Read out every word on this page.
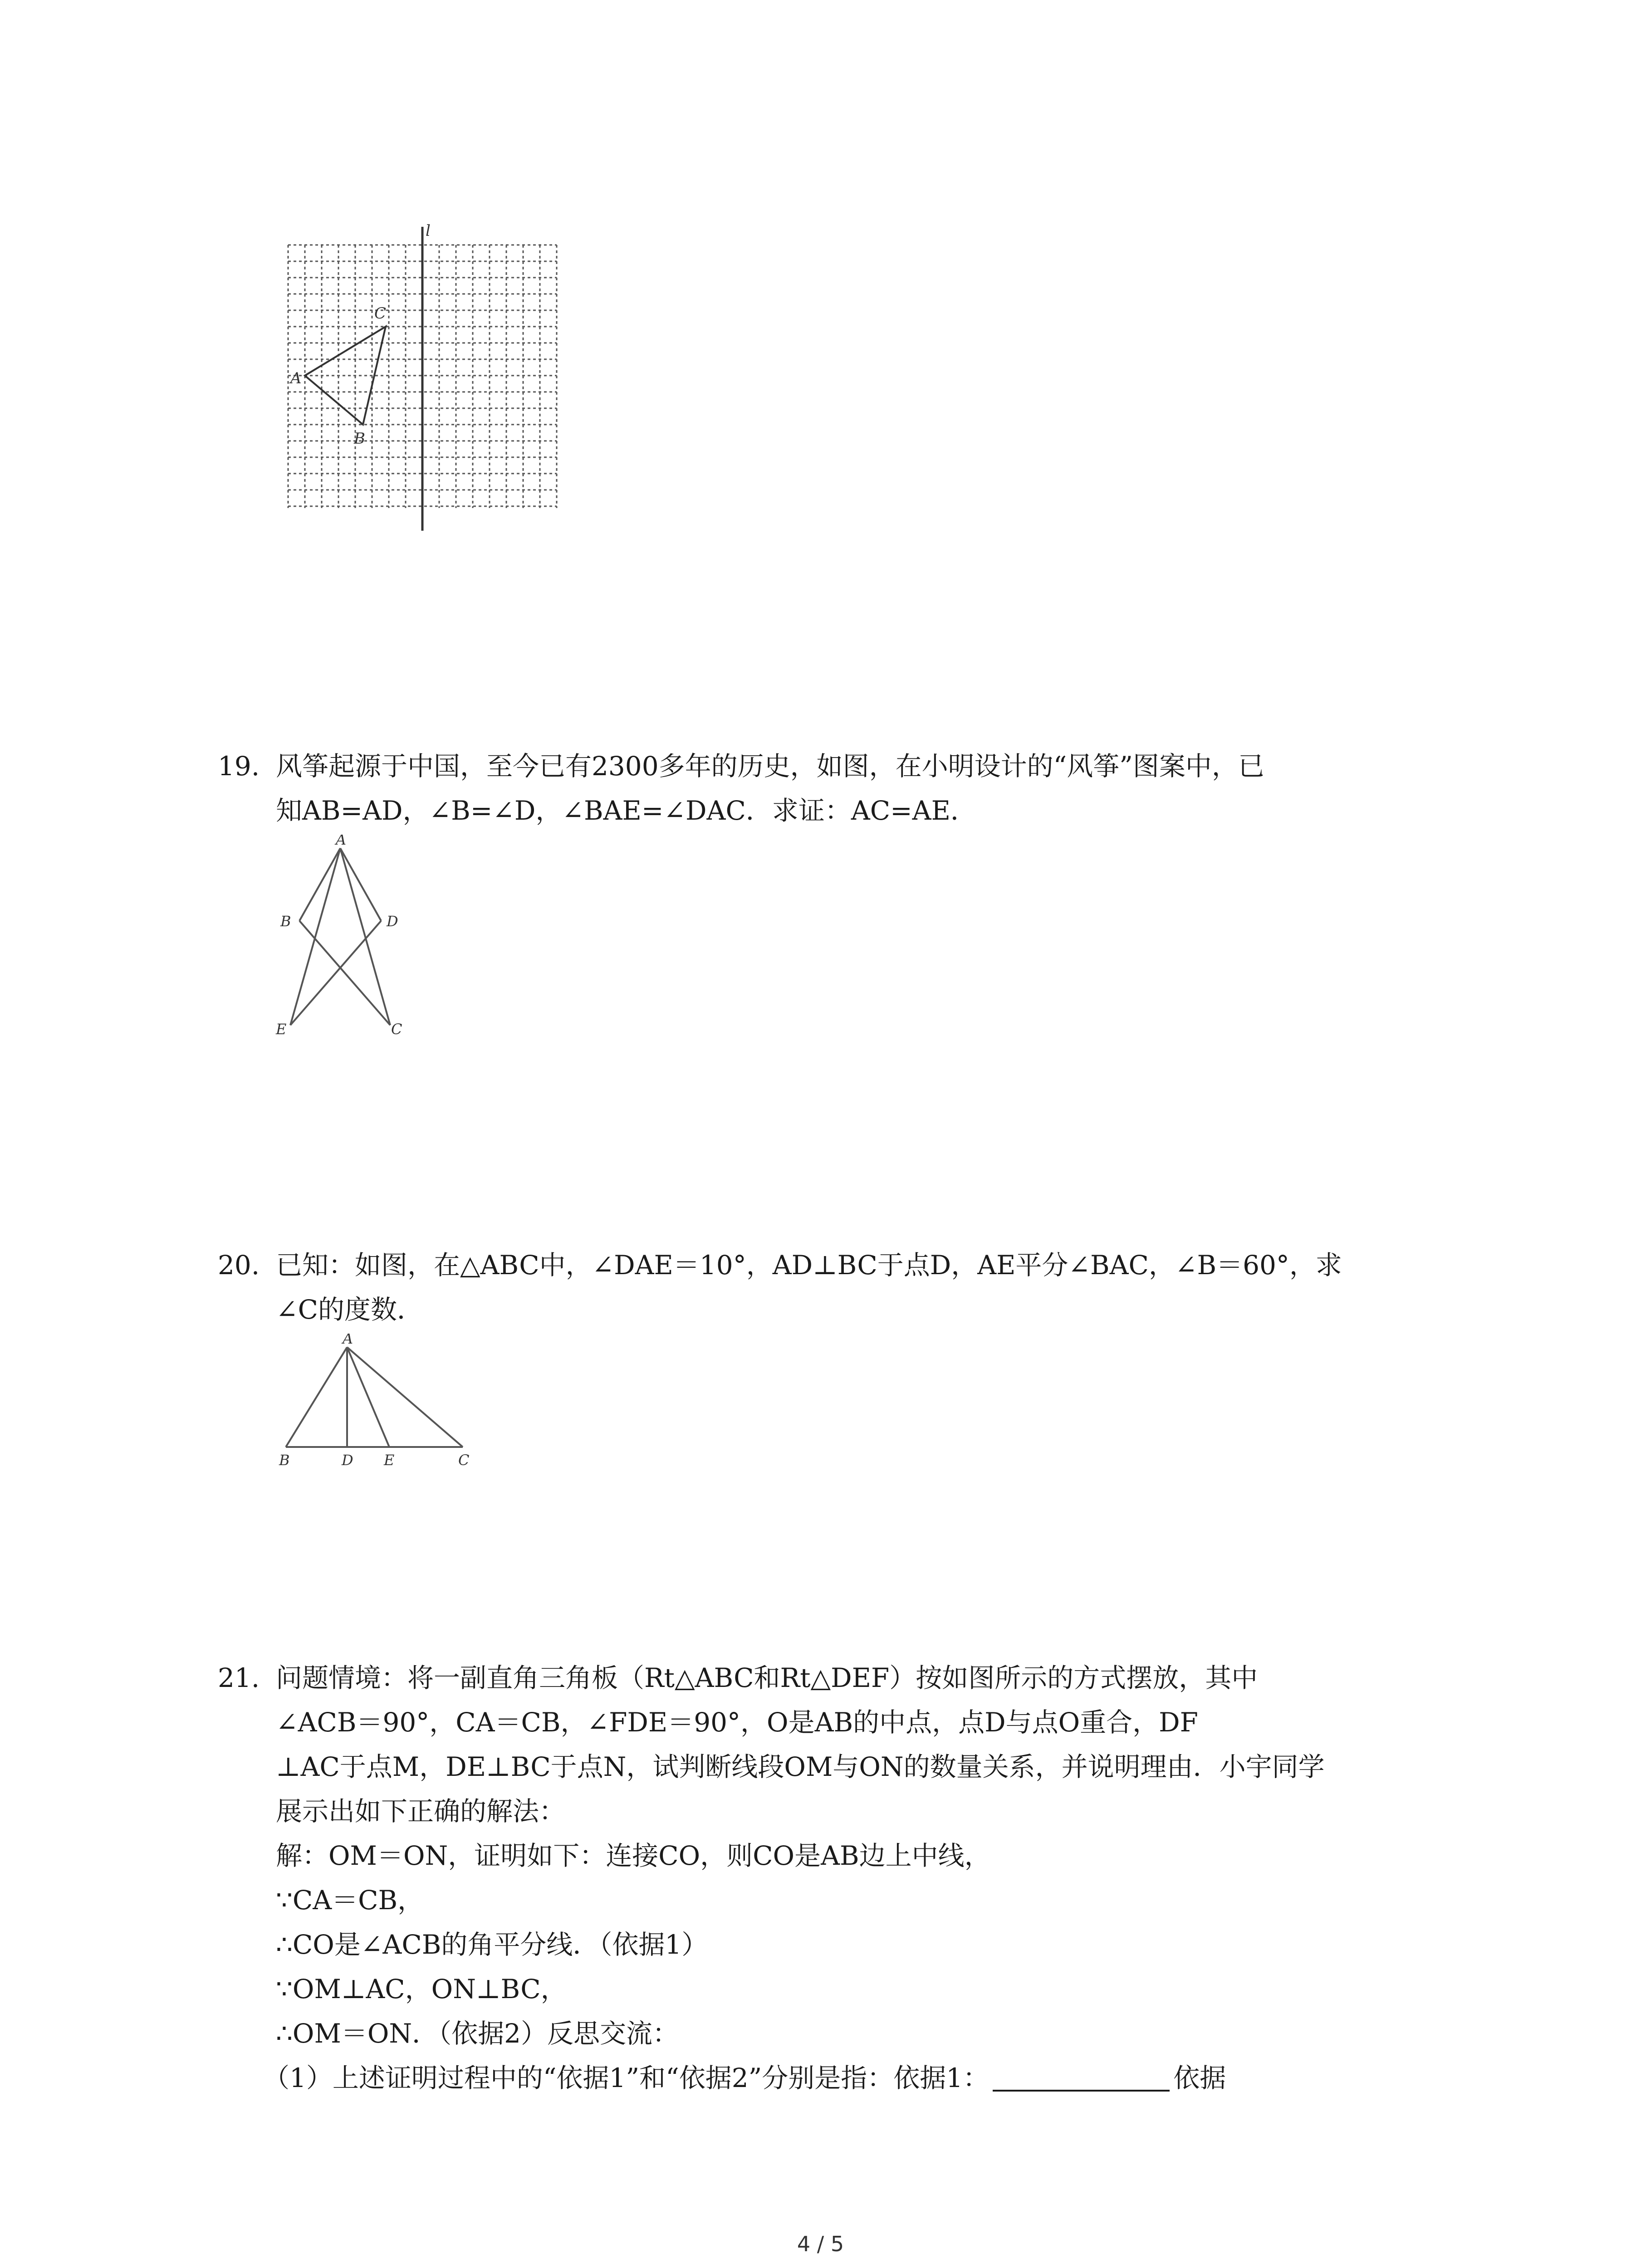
l
A
B
C

19. 风筝起源于中国，至今已有2300多年的历史，如图，在小明设计的“风筝”图案中，已

知AB=AD，∠B=∠D，∠BAE=∠DAC．求证：AC=AE．

A
B	D
E	C

20. 已知：如图，在△ABC中，∠DAE＝10°，AD⊥BC于点D，AE平分∠BAC，∠B＝60°，求

∠C的度数．

A
B	D E	C

21. 问题情境：将一副直角三角板（Rt△ABC和Rt△DEF）按如图所示的方式摆放，其中

∠ACB＝90°，CA＝CB，∠FDE＝90°，O是AB的中点，点D与点O重合，DF

⊥AC于点M，DE⊥BC于点N，试判断线段OM与ON的数量关系，并说明理由．小宇同学

展示出如下正确的解法：

解：OM＝ON，证明如下：连接CO，则CO是AB边上中线，

∵CA＝CB，

∴CO是∠ACB的角平分线．（依据1）

∵OM⊥AC，ON⊥BC，

∴OM＝ON．（依据2）反思交流：

（1）上述证明过程中的“依据1”和“依据2”分别是指：依据1：	依据

4 / 5
